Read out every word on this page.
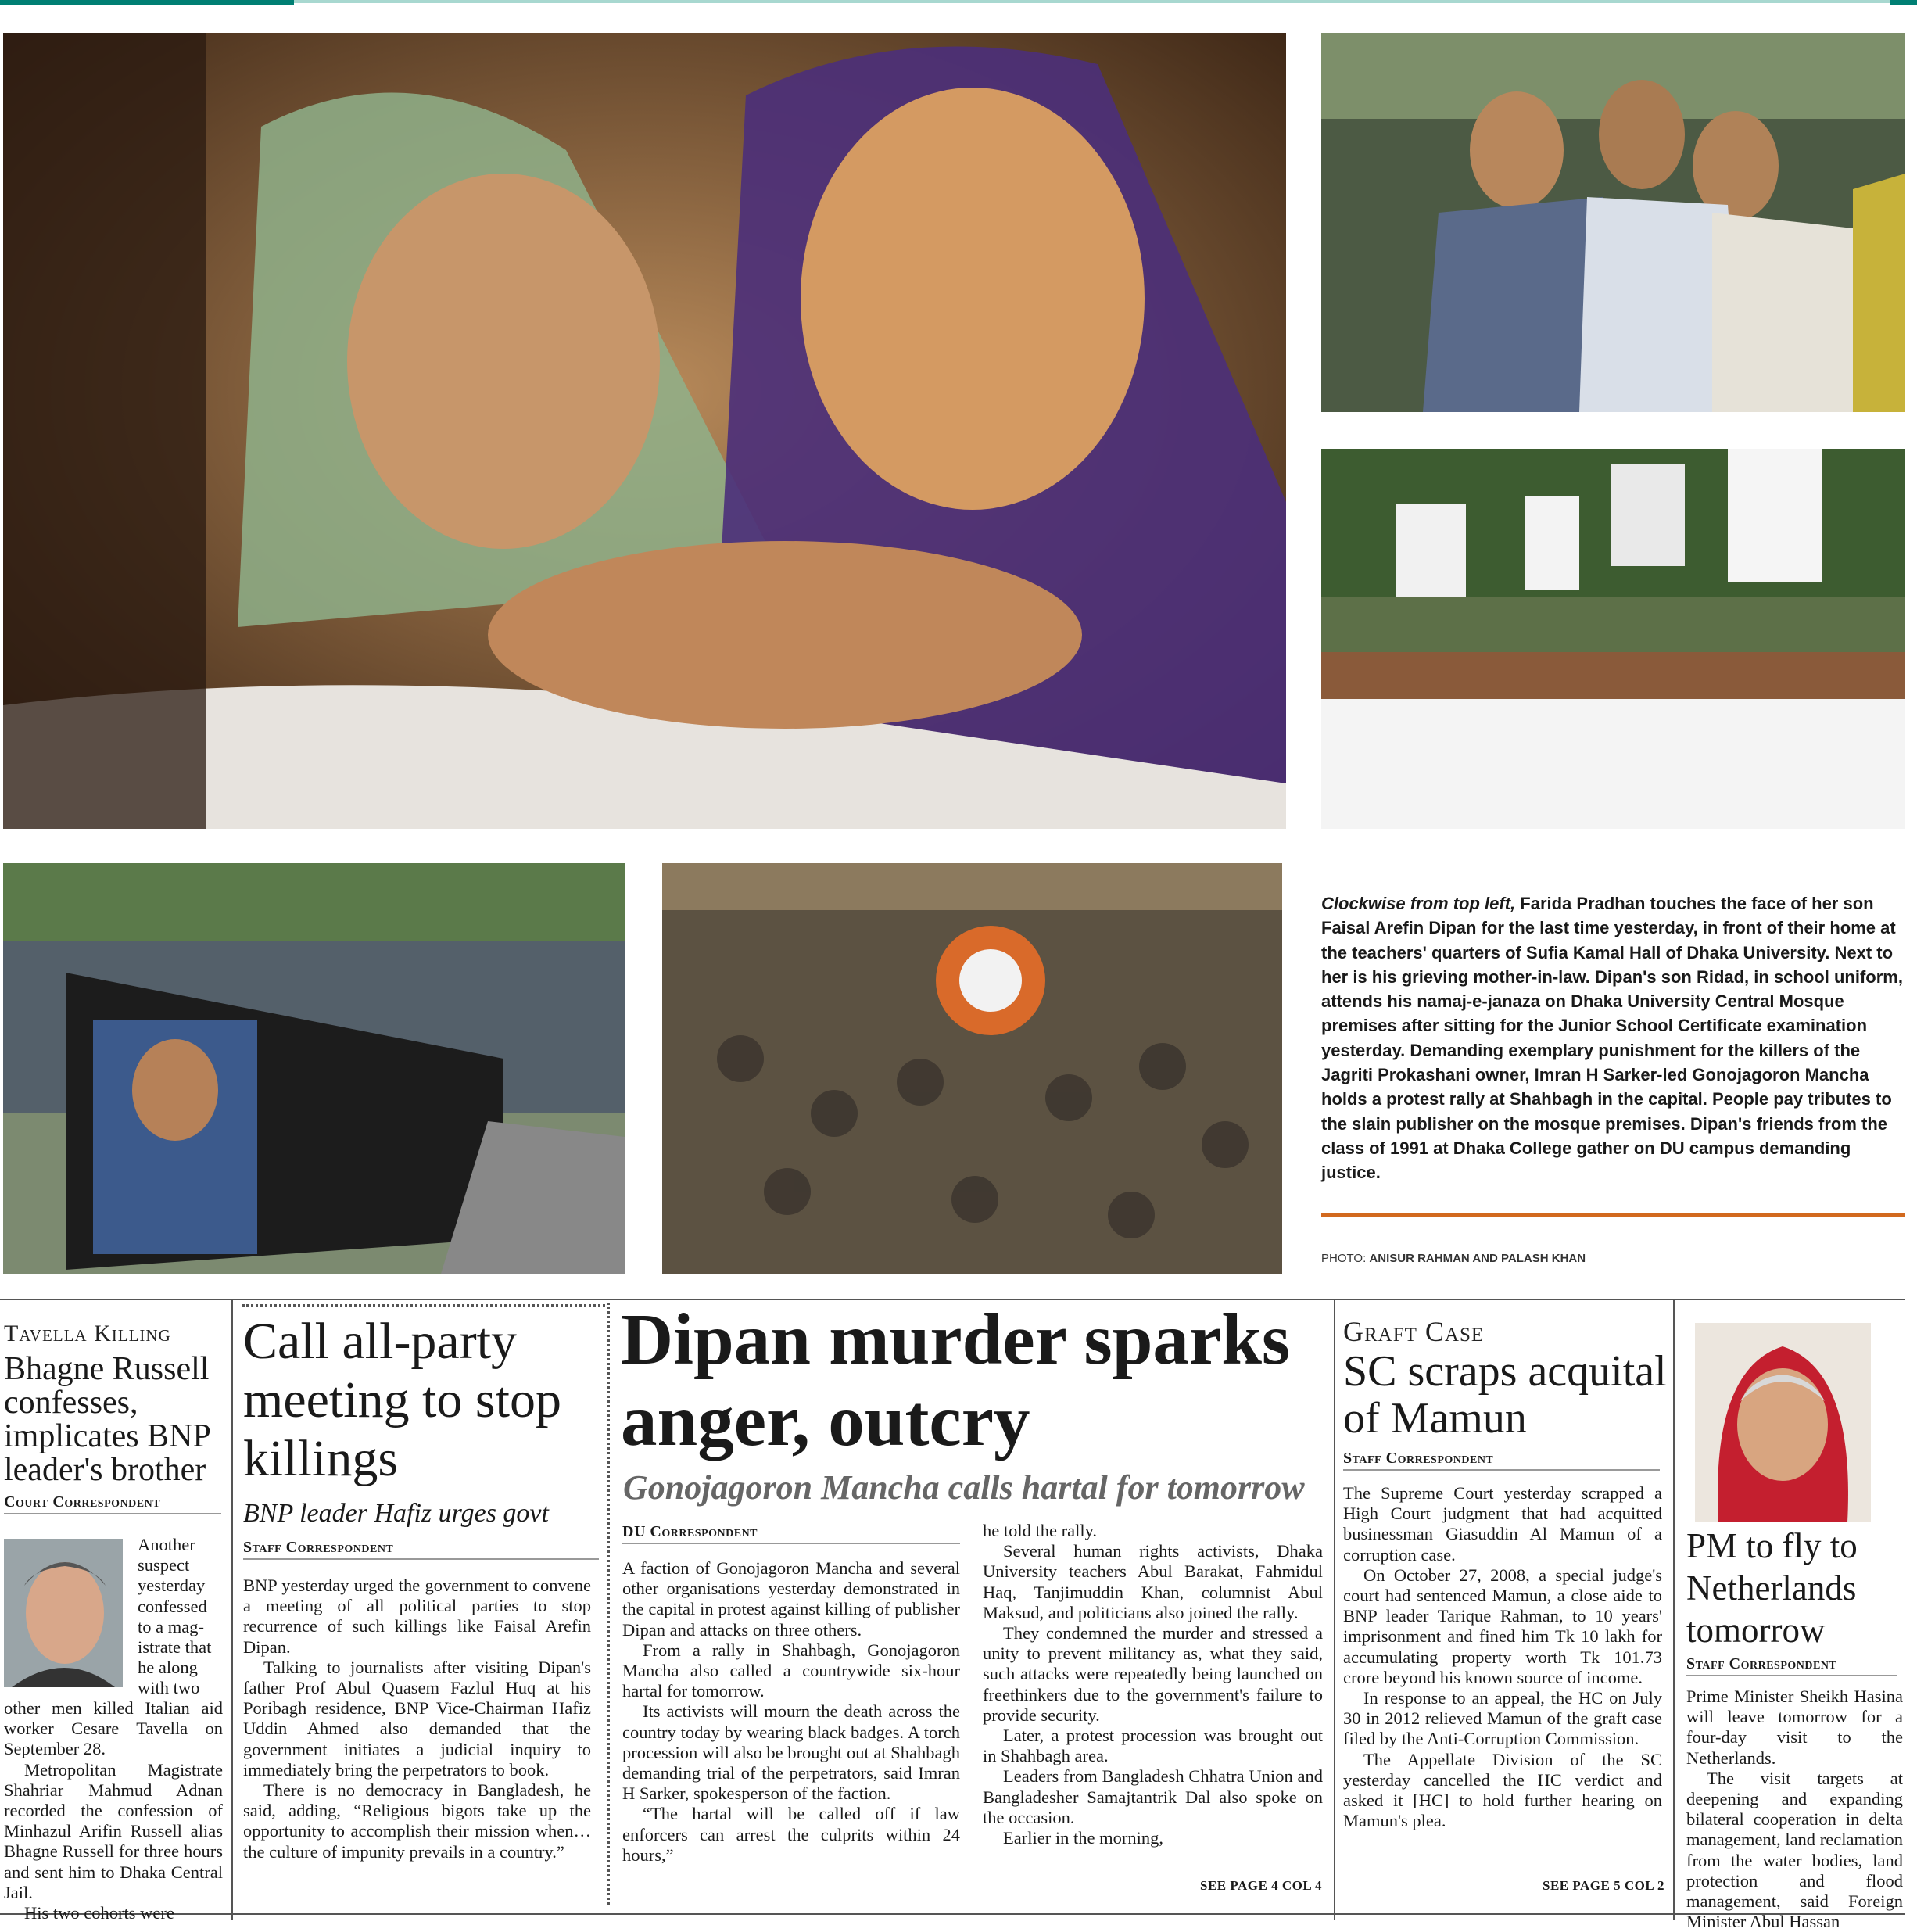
Clockwise from top left, Farida Pradhan touches the face of her son Faisal Arefin Dipan for the last time yesterday, in front of their home at the teachers' quarters of Sufia Kamal Hall of Dhaka University. Next to her is his grieving mother-in-law. Dipan's son Ridad, in school uniform, attends his namaj-e-janaza on Dhaka University Central Mosque premises after sitting for the Junior School Certificate examination yesterday. Demanding exemplary punishment for the killers of the Jagriti Prokashani owner, Imran H Sarker-led Gonojagoron Mancha holds a protest rally at Shahbagh in the capital. People pay tributes to the slain publisher on the mosque premises. Dipan's friends from the class of 1991 at Dhaka College gather on DU campus demanding justice.
PHOTO: ANISUR RAHMAN AND PALASH KHAN
Tavella Killing
Bhagne Russell confesses, implicates BNP leader's brother
Court Correspondent
Another
suspect
yesterday
confessed
to a mag-
istrate that
he along
with two

other men killed Italian aid worker Cesare Tavella on September 28.

Metropolitan Magistrate Shahriar Mahmud Adnan recorded the confession of Minhazul Arifin Russell alias Bhagne Russell for three hours and sent him to Dhaka Central Jail.

His two cohorts were

Call all-party meeting to stop killings
BNP leader Hafiz urges govt
Staff Correspondent

BNP yesterday urged the government to convene a meeting of all political parties to stop recurrence of such killings like Faisal Arefin Dipan.

Talking to journalists after visiting Dipan's father Prof Abul Quasem Fazlul Huq at his Poribagh residence, BNP Vice-Chairman Hafiz Uddin Ahmed also demanded that the government initiates a judicial inquiry to immediately bring the perpetrators to book.

There is no democracy in Bangladesh, he said, adding, “Religious bigots take up the opportunity to accomplish their mission when…the culture of impunity prevails in a country.”

Dipan murder sparks anger, outcry
Gonojagoron Mancha calls hartal for tomorrow
DU Correspondent

A faction of Gonojagoron Mancha and several other organisations yesterday demonstrated in the capital in protest against killing of publisher Dipan and attacks on three others.

From a rally in Shahbagh, Gonojagoron Mancha also called a countrywide six-hour hartal for tomorrow.

Its activists will mourn the death across the country today by wearing black badges. A torch procession will also be brought out at Shahbagh demanding trial of the perpetrators, said Imran H Sarker, spokesperson of the faction.

“The hartal will be called off if law enforcers can arrest the culprits within 24 hours,”

he told the rally.

Several human rights activists, Dhaka University teachers Abul Barakat, Fahmidul Haq, Tanjimuddin Khan, columnist Abul Maksud, and politicians also joined the rally.

They condemned the murder and stressed a unity to prevent militancy as, what they said, such attacks were repeatedly being launched on freethinkers due to the government's failure to provide security.

Later, a protest procession was brought out in Shahbagh area.

Leaders from Bangladesh Chhatra Union and Bangladesher Samajtantrik Dal also spoke on the occasion.

Earlier in the morning,

SEE PAGE 4 COL 4
Graft Case
SC scraps acquital of Mamun
Staff Correspondent

The Supreme Court yesterday scrapped a High Court judgment that had acquitted businessman Giasuddin Al Mamun of a corruption case.

On October 27, 2008, a special judge's court had sentenced Mamun, a close aide to BNP leader Tarique Rahman, to 10 years' imprisonment and fined him Tk 10 lakh for accumulating property worth Tk 101.73 crore beyond his known source of income.

In response to an appeal, the HC on July 30 in 2012 relieved Mamun of the graft case filed by the Anti-Corruption Commission.

The Appellate Division of the SC yesterday cancelled the HC verdict and asked it [HC] to hold further hearing on Mamun's plea.

SEE PAGE 5 COL 2
PM to fly to Netherlands tomorrow
Staff Correspondent

Prime Minister Sheikh Hasina will leave tomorrow for a four-day visit to the Netherlands.

The visit targets at deepening and expanding bilateral cooperation in delta management, land reclamation from the water bodies, land protection and flood management, said Foreign Minister Abul Hassan
